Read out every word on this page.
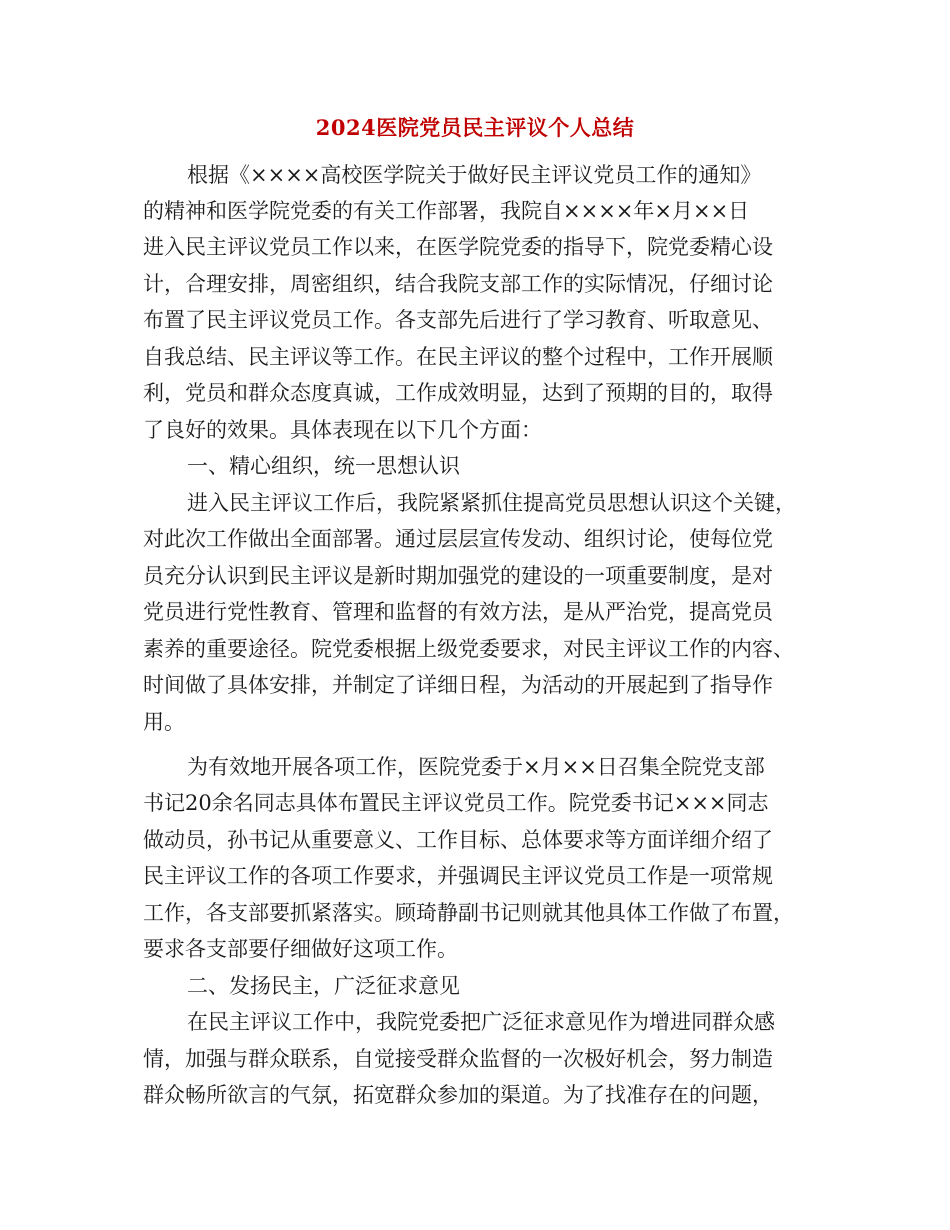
2024医院党员民主评议个人总结

根据《××××高校医学院关于做好民主评议党员工作的通知》

的精神和医学院党委的有关工作部署，我院自××××年×月××日

进入民主评议党员工作以来，在医学院党委的指导下，院党委精心设

计，合理安排，周密组织，结合我院支部工作的实际情况，仔细讨论

布置了民主评议党员工作。各支部先后进行了学习教育、听取意见、

自我总结、民主评议等工作。在民主评议的整个过程中，工作开展顺

利，党员和群众态度真诚，工作成效明显，达到了预期的目的，取得

了良好的效果。具体表现在以下几个方面：

一、精心组织，统一思想认识

进入民主评议工作后，我院紧紧抓住提高党员思想认识这个关键，

对此次工作做出全面部署。通过层层宣传发动、组织讨论，使每位党

员充分认识到民主评议是新时期加强党的建设的一项重要制度，是对

党员进行党性教育、管理和监督的有效方法，是从严治党，提高党员

素养的重要途径。院党委根据上级党委要求，对民主评议工作的内容、

时间做了具体安排，并制定了详细日程，为活动的开展起到了指导作

用。

为有效地开展各项工作，医院党委于×月××日召集全院党支部

书记20余名同志具体布置民主评议党员工作。院党委书记×××同志

做动员，孙书记从重要意义、工作目标、总体要求等方面详细介绍了

民主评议工作的各项工作要求，并强调民主评议党员工作是一项常规

工作，各支部要抓紧落实。顾琦静副书记则就其他具体工作做了布置，

要求各支部要仔细做好这项工作。

二、发扬民主，广泛征求意见

在民主评议工作中，我院党委把广泛征求意见作为增进同群众感

情，加强与群众联系，自觉接受群众监督的一次极好机会，努力制造

群众畅所欲言的气氛，拓宽群众参加的渠道。为了找准存在的问题，
